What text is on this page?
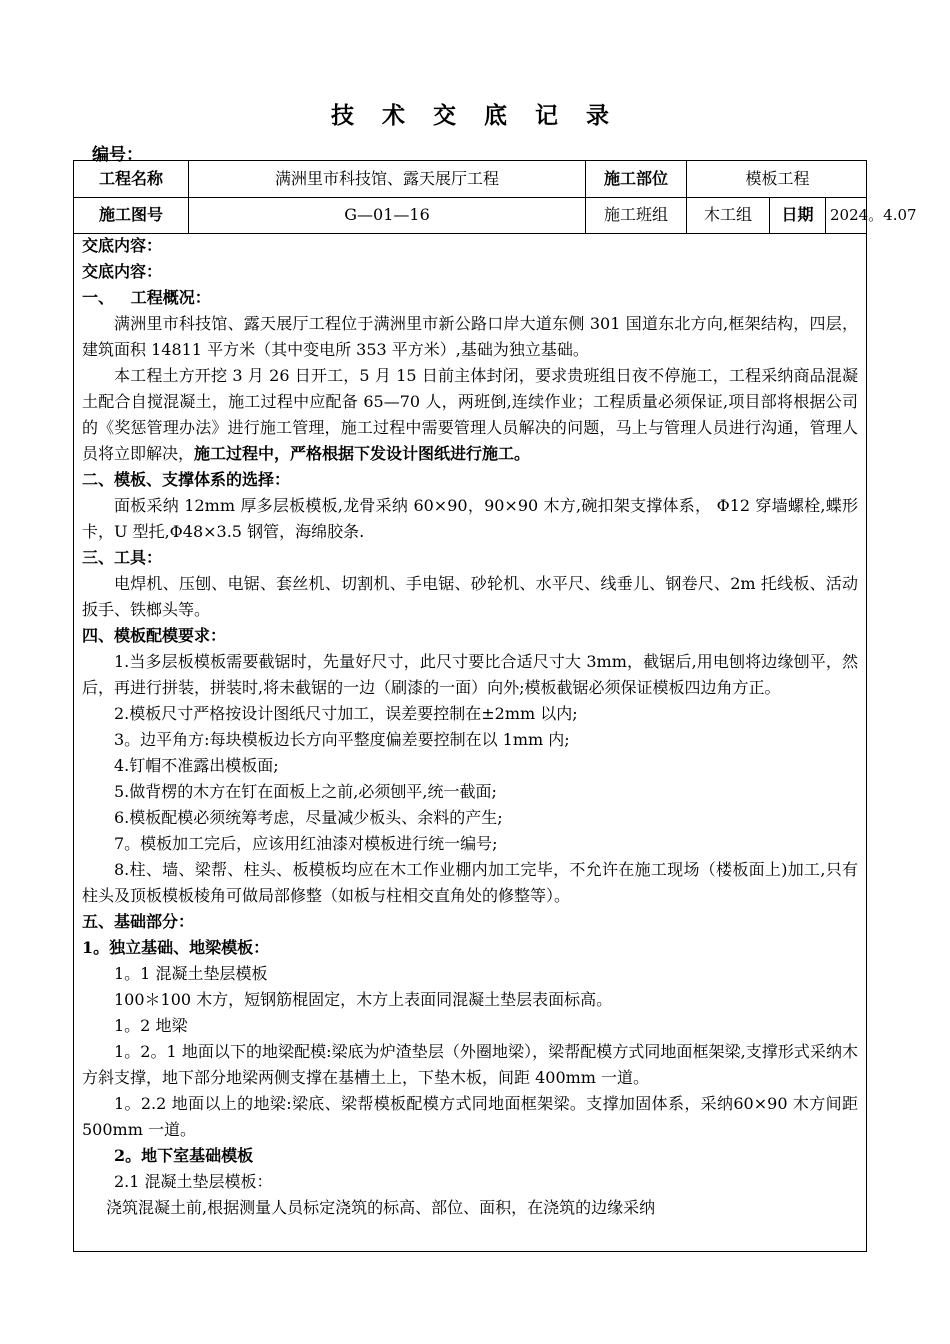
技 术 交 底 记 录
编号：
工程名称	满洲里市科技馆、露天展厅工程	施工部位	模板工程
施工图号	G—01—16	施工班组	木工组	日期	2024。4.07
交底内容：
交底内容：
一、   工程概况：
满洲里市科技馆、露天展厅工程位于满洲里市新公路口岸大道东侧 301 国道东北方向,框架结构，四层，建筑面积 14811 平方米（其中变电所 353 平方米）,基础为独立基础。
本工程土方开挖 3 月 26 日开工，5 月 15 日前主体封闭，要求贵班组日夜不停施工，工程采纳商品混凝土配合自搅混凝土，施工过程中应配备 65—70 人，两班倒,连续作业；工程质量必须保证,项目部将根据公司的《奖惩管理办法》进行施工管理，施工过程中需要管理人员解决的问题，马上与管理人员进行沟通，管理人员将立即解决，施工过程中，严格根据下发设计图纸进行施工。
二、模板、支撑体系的选择：
面板采纳 12mm 厚多层板模板,龙骨采纳 60×90，90×90 木方,碗扣架支撑体系， Φ12 穿墙螺栓,蝶形卡，U 型托,Φ48×3.5 钢管，海绵胶条.
三、工具：
电焊机、压刨、电锯、套丝机、切割机、手电锯、砂轮机、水平尺、线垂儿、钢卷尺、2m 托线板、活动扳手、铁榔头等。
四、模板配模要求：
1.当多层板模板需要截锯时，先量好尺寸，此尺寸要比合适尺寸大 3mm，截锯后,用电刨将边缘刨平，然后，再进行拼装，拼装时,将未截锯的一边（刷漆的一面）向外;模板截锯必须保证模板四边角方正。
2.模板尺寸严格按设计图纸尺寸加工，误差要控制在±2mm 以内;
3。边平角方:每块模板边长方向平整度偏差要控制在以 1mm 内;
4.钉帽不准露出模板面;
5.做背楞的木方在钉在面板上之前,必须刨平,统一截面;
6.模板配模必须统筹考虑，尽量减少板头、余料的产生;
7。模板加工完后，应该用红油漆对模板进行统一编号;
8.柱、墙、梁帮、柱头、板模板均应在木工作业棚内加工完毕，不允许在施工现场（楼板面上)加工,只有柱头及顶板模板棱角可做局部修整（如板与柱相交直角处的修整等）。
五、基础部分：
1。独立基础、地梁模板：
1。1 混凝土垫层模板
100＊100 木方，短钢筋棍固定，木方上表面同混凝土垫层表面标高。
1。2 地梁
1。2。1 地面以下的地梁配模:梁底为炉渣垫层（外圈地梁），梁帮配模方式同地面框架梁,支撑形式采纳木方斜支撑，地下部分地梁两侧支撑在基槽土上，下垫木板，间距 400mm 一道。
1。2.2 地面以上的地梁:梁底、梁帮模板配模方式同地面框架梁。支撑加固体系，采纳60×90 木方间距 500mm 一道。
2。地下室基础模板
2.1 混凝土垫层模板：
浇筑混凝土前,根据测量人员标定浇筑的标高、部位、面积，在浇筑的边缘采纳
